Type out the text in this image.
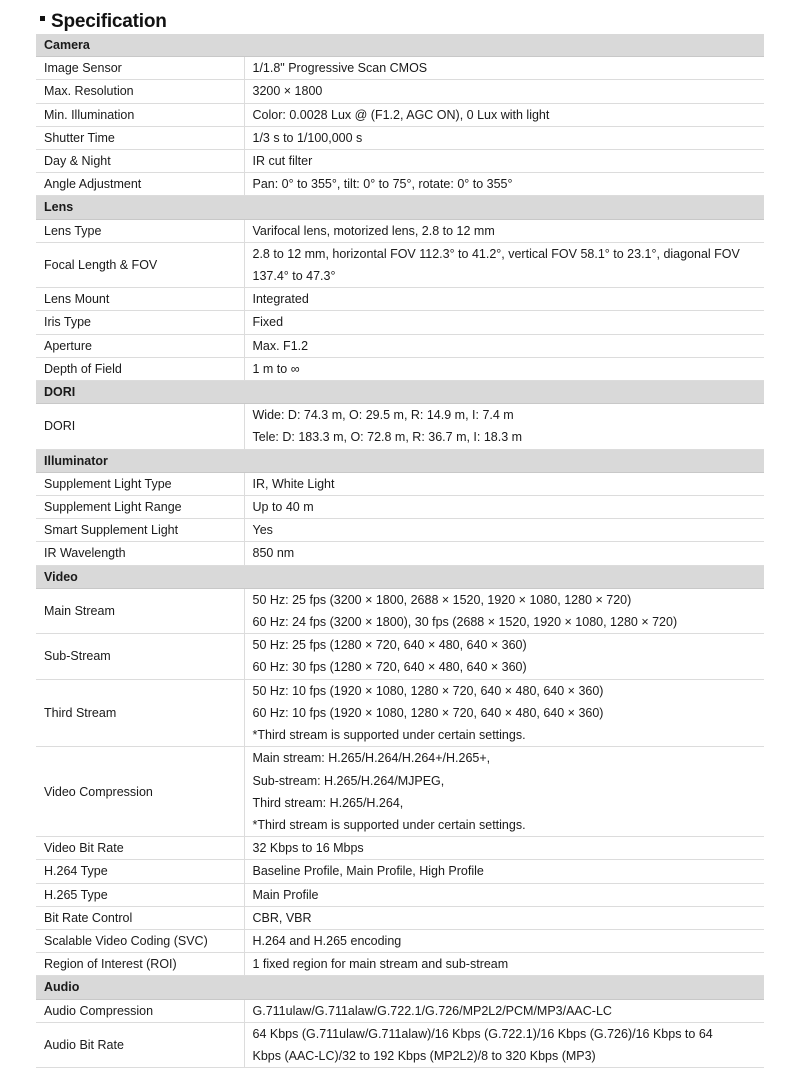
Specification
Camera	
Image Sensor	1/1.8" Progressive Scan CMOS

Max. Resolution	3200 × 1800

Min. Illumination	Color: 0.0028 Lux @ (F1.2, AGC ON), 0 Lux with light

Shutter Time	1/3 s to 1/100,000 s

Day & Night	IR cut filter

Angle Adjustment	Pan: 0° to 355°, tilt: 0° to 75°, rotate: 0° to 355°

Lens	
Lens Type	Varifocal lens, motorized lens, 2.8 to 12 mm

Focal Length & FOV	2.8 to 12 mm, horizontal FOV 112.3° to 41.2°, vertical FOV 58.1° to 23.1°, diagonal FOV
137.4° to 47.3°

Lens Mount	Integrated

Iris Type	Fixed

Aperture	Max. F1.2

Depth of Field	1 m to ∞

DORI	
DORI	Wide: D: 74.3 m, O: 29.5 m, R: 14.9 m, I: 7.4 m
Tele: D: 183.3 m, O: 72.8 m, R: 36.7 m, I: 18.3 m

Illuminator	
Supplement Light Type	IR, White Light

Supplement Light Range	Up to 40 m

Smart Supplement Light	Yes

IR Wavelength	850 nm

Video	
Main Stream	50 Hz: 25 fps (3200 × 1800, 2688 × 1520, 1920 × 1080, 1280 × 720)
60 Hz: 24 fps (3200 × 1800), 30 fps (2688 × 1520, 1920 × 1080, 1280 × 720)

Sub-Stream	50 Hz: 25 fps (1280 × 720, 640 × 480, 640 × 360)
60 Hz: 30 fps (1280 × 720, 640 × 480, 640 × 360)

Third Stream	50 Hz: 10 fps (1920 × 1080, 1280 × 720, 640 × 480, 640 × 360)
60 Hz: 10 fps (1920 × 1080, 1280 × 720, 640 × 480, 640 × 360)
*Third stream is supported under certain settings.

Video Compression	Main stream: H.265/H.264/H.264+/H.265+,
Sub-stream: H.265/H.264/MJPEG,
Third stream: H.265/H.264,
*Third stream is supported under certain settings.

Video Bit Rate	32 Kbps to 16 Mbps

H.264 Type	Baseline Profile, Main Profile, High Profile

H.265 Type	Main Profile

Bit Rate Control	CBR, VBR

Scalable Video Coding (SVC)	H.264 and H.265 encoding

Region of Interest (ROI)	1 fixed region for main stream and sub-stream

Audio	
Audio Compression	G.711ulaw/G.711alaw/G.722.1/G.726/MP2L2/PCM/MP3/AAC-LC

Audio Bit Rate	64 Kbps (G.711ulaw/G.711alaw)/16 Kbps (G.722.1)/16 Kbps (G.726)/16 Kbps to 64
Kbps (AAC-LC)/32 to 192 Kbps (MP2L2)/8 to 320 Kbps (MP3)
